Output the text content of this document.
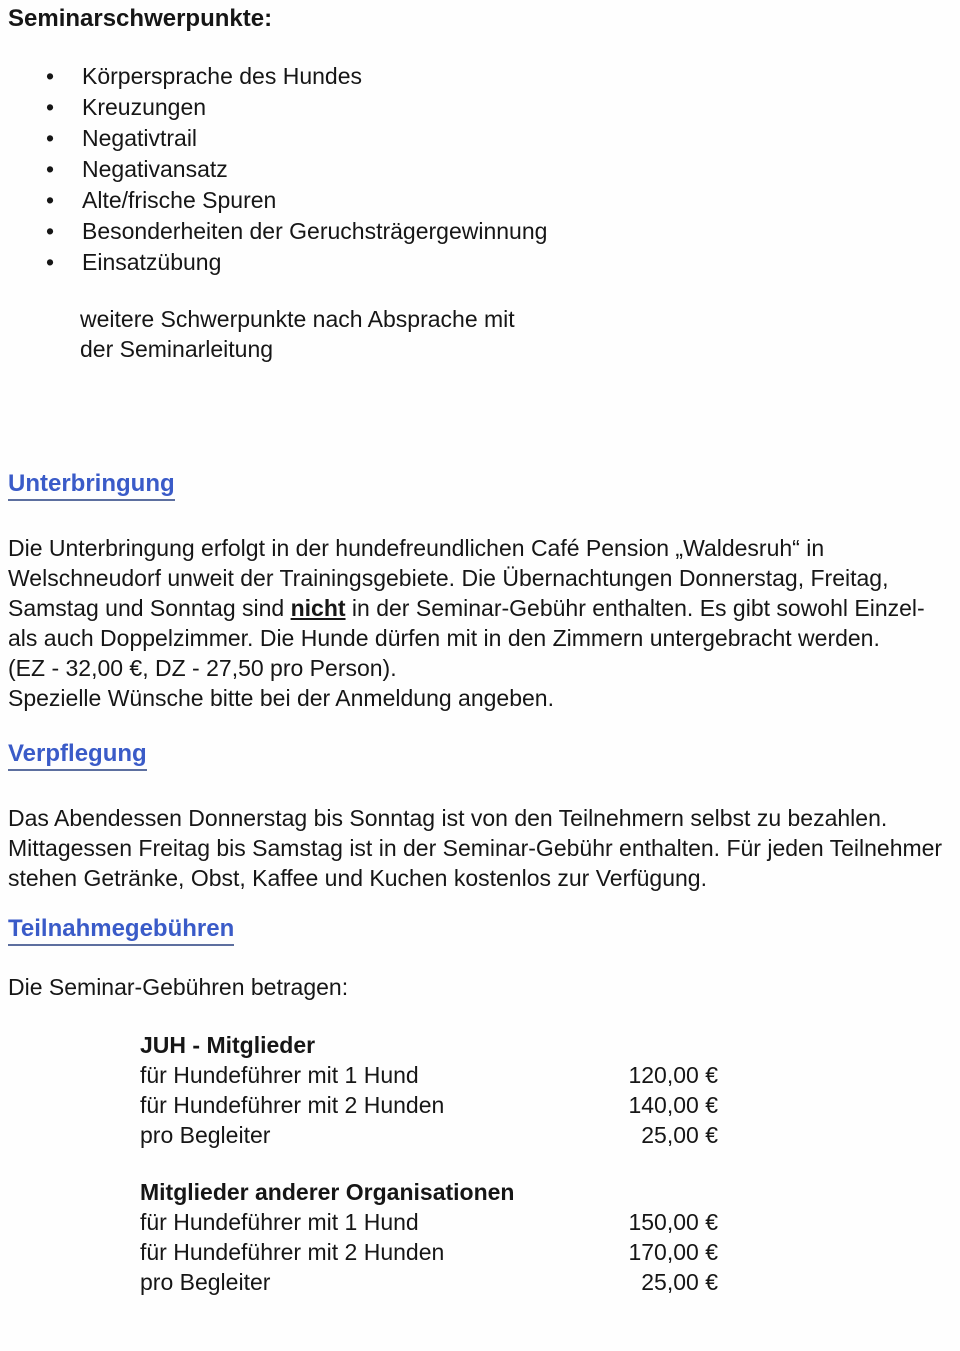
Seminarschwerpunkte:
•	Körpersprache des Hundes
•	Kreuzungen
•	Negativtrail
•	Negativansatz
•	Alte/frische Spuren
•	Besonderheiten der Geruchsträgergewinnung
•	Einsatzübung
weitere Schwerpunkte nach Absprache mit
der Seminarleitung
Unterbringung

Die Unterbringung erfolgt in der hundefreundlichen Café Pension „Waldesruh“ in Welschneudorf unweit der Trainingsgebiete. Die Übernachtungen Donnerstag, Freitag, Samstag und Sonntag sind nicht in der Seminar-Gebühr enthalten. Es gibt sowohl Einzel- als auch Doppelzimmer. Die Hunde dürfen mit in den Zimmern untergebracht werden.
(EZ - 32,00 €, DZ - 27,50 pro Person).
Spezielle Wünsche bitte bei der Anmeldung angeben.

Verpflegung

Das Abendessen Donnerstag bis Sonntag ist von den Teilnehmern selbst zu bezahlen. Mittagessen Freitag bis Samstag ist in der Seminar-Gebühr enthalten. Für jeden Teilnehmer stehen Getränke, Obst, Kaffee und Kuchen kostenlos zur Verfügung.

Teilnahmegebühren

Die Seminar-Gebühren betragen:

JUH - Mitglieder
für Hundeführer mit 1 Hund	120,00 €
für Hundeführer mit 2 Hunden	140,00 €
pro Begleiter	25,00 €
Mitglieder anderer Organisationen
für Hundeführer mit 1 Hund	150,00 €
für Hundeführer mit 2 Hunden	170,00 €
pro Begleiter	25,00 €
